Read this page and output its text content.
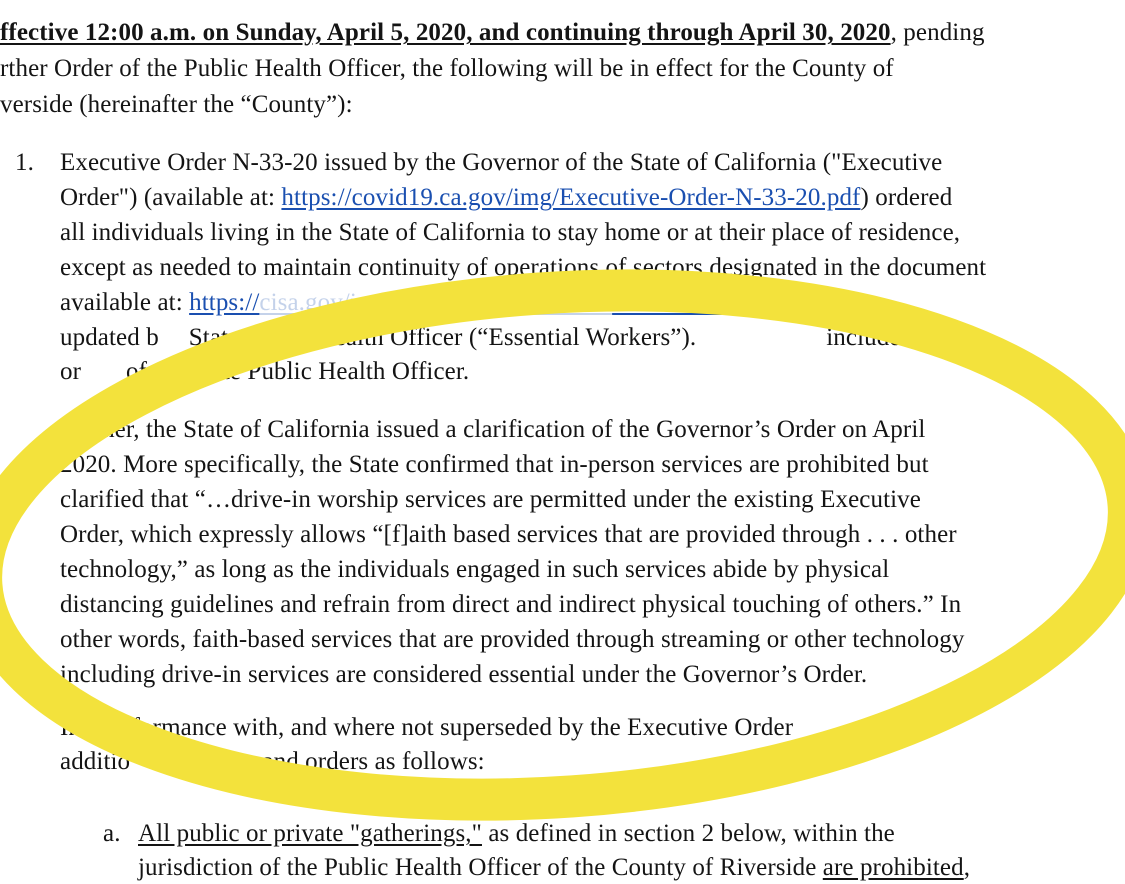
ffective 12:00 a.m. on Sunday, April 5, 2020, and continuing through April 30, 2020, pending
rther Order of the Public Health Officer, the following will be in effect for the County of
verside (hereinafter the “County”):
1. Executive Order N-33-20 issued by the Governor of the State of California ("Executive
Order") (available at: https://covid19.ca.gov/img/Executive-Order-N-33-20.pdf) ordered
all individuals living in the State of California to stay home or at their place of residence,
except as needed to maintain continuity of operations of sectors designated in the document
available at: https://cisa.gov/img/EssentialCriticalInfrastructureWorkers.pdf) as
updated b State Public Health Officer (“Essential Workers”).	includes all
or of the State Public Health Officer.
Further, the State of California issued a clarification of the Governor’s Order on April
2020. More specifically, the State confirmed that in-person services are prohibited but
clarified that “…drive-in worship services are permitted under the existing Executive
Order, which expressly allows “[f]aith based services that are provided through . . . other
technology,” as long as the individuals engaged in such services abide by physical
distancing guidelines and refrain from direct and indirect physical touching of others.” In
other words, faith-based services that are provided through streaming or other technology
including drive-in services are considered essential under the Governor’s Order.
In nformance with, and where not superseded by the Executive Order	Order
additio ecifies and orders as follows:
a. All public or private "gatherings," as defined in section 2 below, within the
jurisdiction of the Public Health Officer of the County of Riverside are prohibited,
